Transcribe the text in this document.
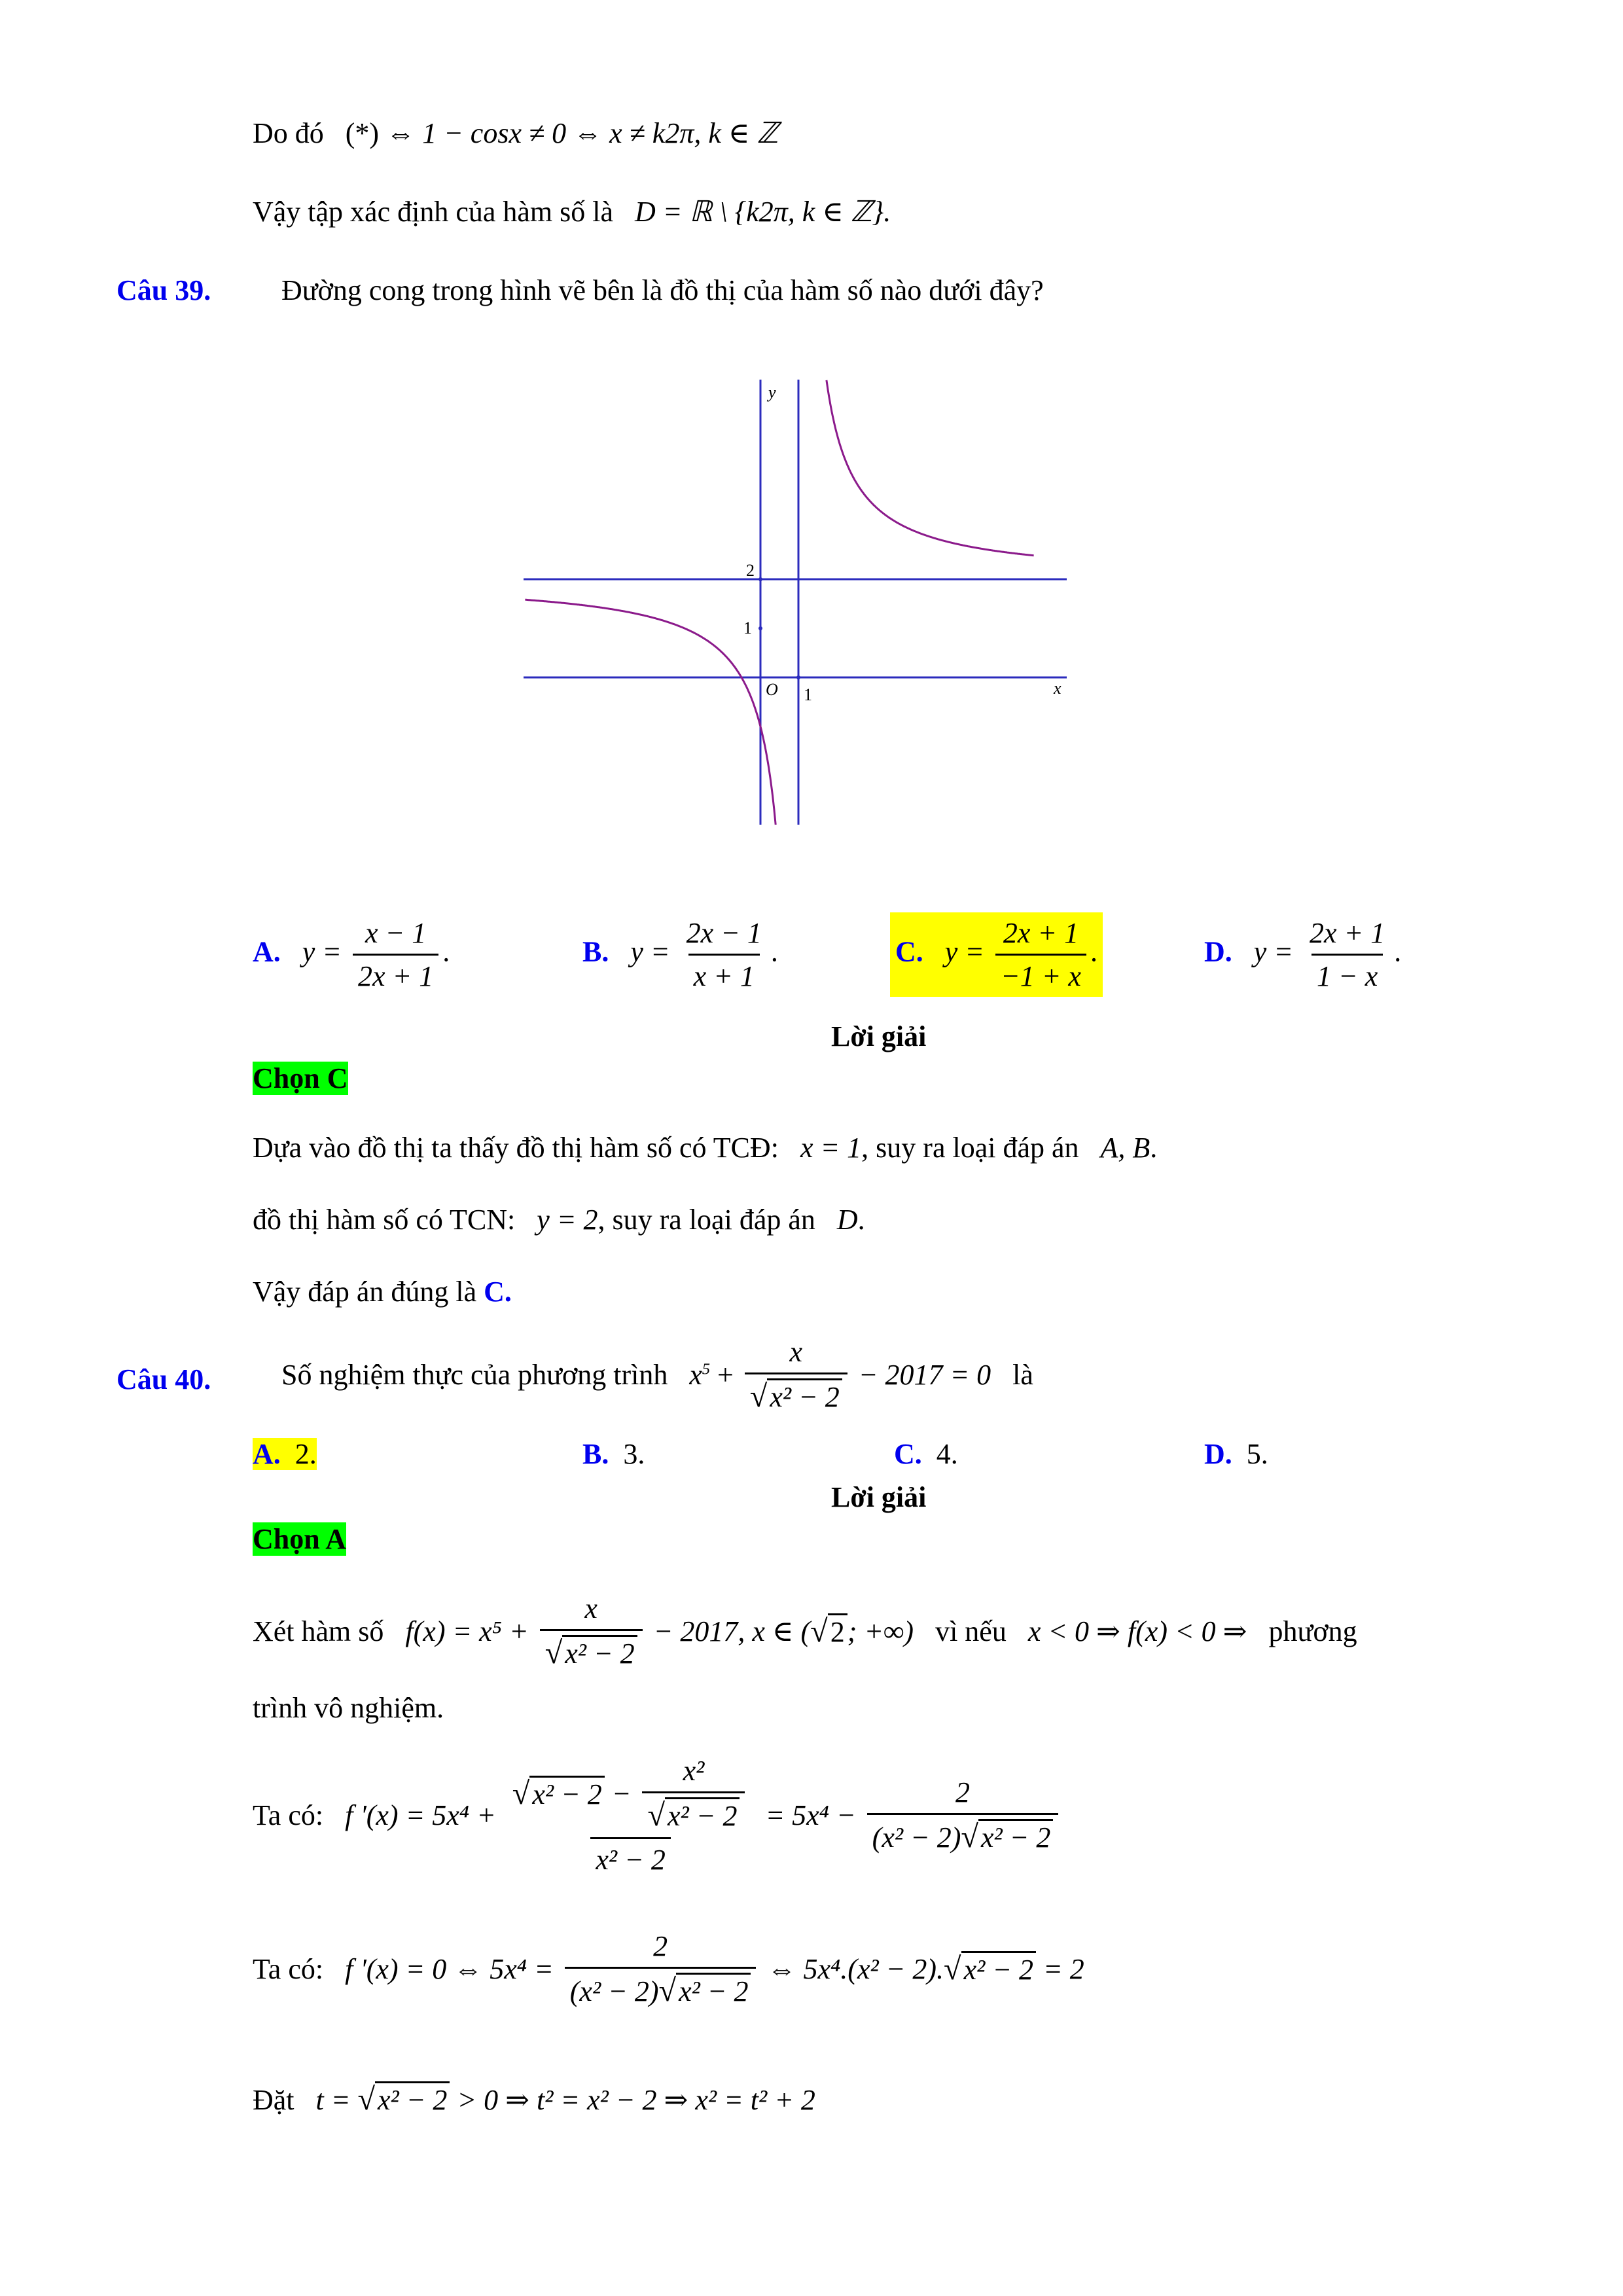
Do đó (*) ⇔ 1 − cosx ≠ 0 ⇔ x ≠ k2π, k ∈ ℤ
Vậy tập xác định của hàm số là D = ℝ \ {k2π, k ∈ ℤ}.
Câu 39. Đường cong trong hình vẽ bên là đồ thị của hàm số nào dưới đây?
y
x
O 1
1
2
A. $y = \frac{x - 1}{2x + 1}$ .	B. $y = \frac{2x - 1}{x + 1}$ .	C. $y = \frac{2x + 1}{-1 + x}$ .	D. $y = \frac{2x + 1}{1 - x}$ .
Lời giải
Chọn C
Dựa vào đồ thị ta thấy đồ thị hàm số có TCĐ: x = 1, suy ra loại đáp án A, B.
đồ thị hàm số có TCN: y = 2, suy ra loại đáp án D.
Vậy đáp án đúng là C.
Câu 40. Số nghiệm thực của phương trình $x^5 + \frac{x}{\text{√x² − 2}} - 2017 = 0$ là
A. 2.	B. 3.	C. 4.	D. 5.
Lời giải
Chọn A
Xét hàm số $f(x) = x^5 + \frac{x}{\text{√x² − 2}} - 2017$, x ∈ (√2; +∞) vì nếu x < 0 ⇒ f(x) < 0 ⇒ phương
trình vô nghiệm.
Ta có: f '$(x) = 5x^4 + \frac{√x^2 - 2 - \frac{\text{x²}}{\text{√x² − 2}}}{\text{x² − 2}} = 5x^4 - \frac{2}{\text{(x² − 2)√x² − 2}}$
Ta có: f '(x) = 0 ⇔ $5x^4 = \frac{2}{\text{(x² − 2)√x² − 2}}$ ⇔ 5x⁴.(x² − 2).√x² − 2 = 2
Đặt t = √x² − 2 > 0 ⇒ t² = x² − 2 ⇒ x² = t² + 2
